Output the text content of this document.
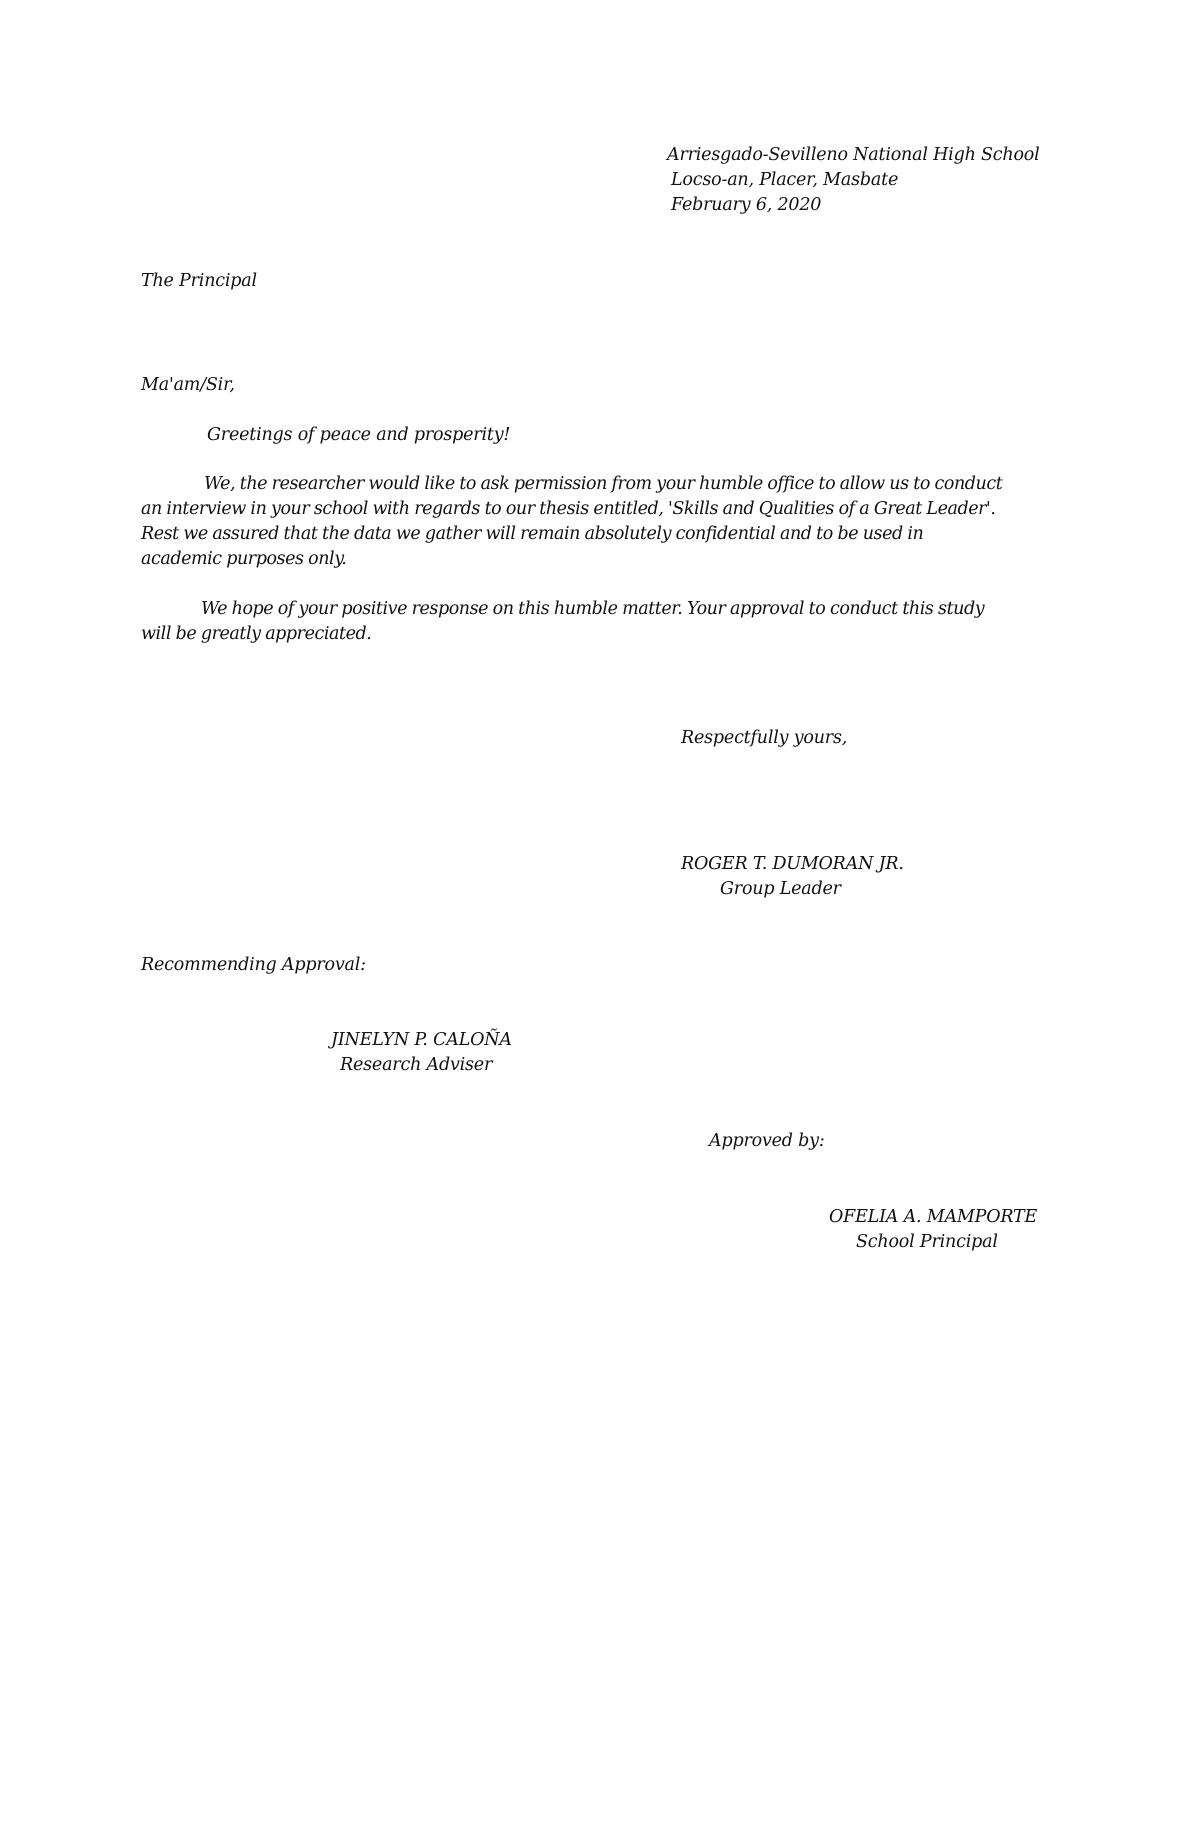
Arriesgado-Sevilleno National High School
Locso-an, Placer, Masbate
February 6, 2020
The Principal
Ma'am/Sir,
Greetings of peace and prosperity!
We, the researcher would like to ask permission from your humble office to allow us to conduct
an interview in your school with regards to our thesis entitled, 'Skills and Qualities of a Great Leader'.
Rest we assured that the data we gather will remain absolutely confidential and to be used in
academic purposes only.
We hope of your positive response on this humble matter. Your approval to conduct this study
will be greatly appreciated.
Respectfully yours,
ROGER T. DUMORAN JR.
Group Leader
Recommending Approval:
JINELYN P. CALOÑA
Research Adviser
Approved by:
OFELIA A. MAMPORTE
School Principal
